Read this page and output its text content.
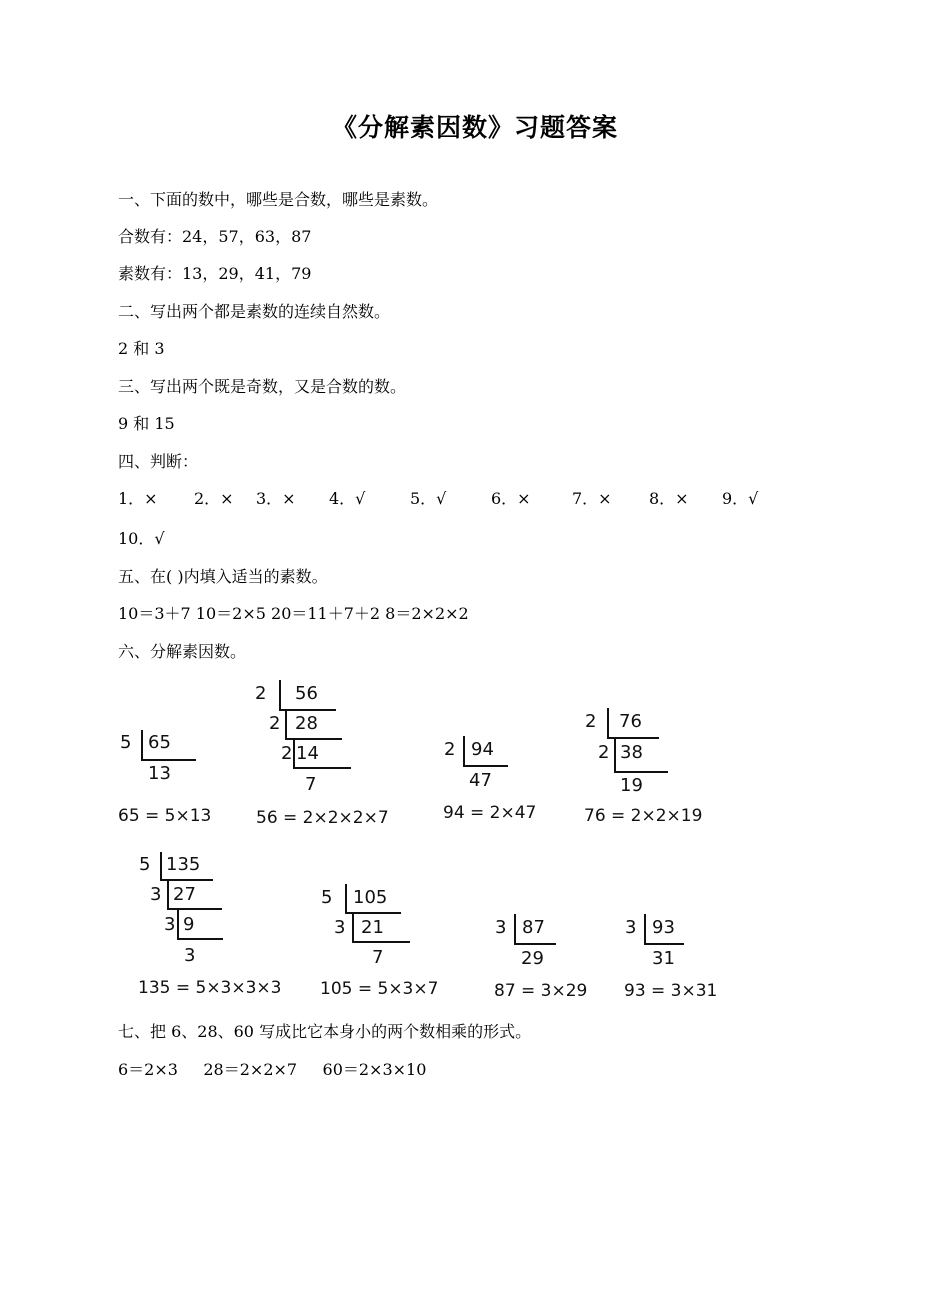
《分解素因数》习题答案
一、下面的数中，哪些是合数，哪些是素数。
合数有：24，57，63，87
素数有：13，29，41，79
二、写出两个都是素数的连续自然数。
2 和 3
三、写出两个既是奇数，又是合数的数。
9 和 15
四、判断：
1．× 2．× 3．× 4．√	5．√	6．×	7．× 8．× 9．√
10．√
五、在( )内填入适当的素数。
10＝3＋7 10＝2×5 20＝11＋7＋2 8＝2×2×2
六、分解素因数。
5 65
13
65 = 5×13
2 56
2 28
2 14
7
56 = 2×2×2×7
2 94
47
94 = 2×47
2 76
2 38
19
76 = 2×2×19
5 135
3 27
3 9
3
135 = 5×3×3×3
5 105
3 21
7
105 = 5×3×7
3 87
29
87 = 3×29
3 93
31
93 = 3×31
七、把 6、28、60 写成比它本身小的两个数相乘的形式。
6＝2×3     28＝2×2×7     60＝2×3×10
